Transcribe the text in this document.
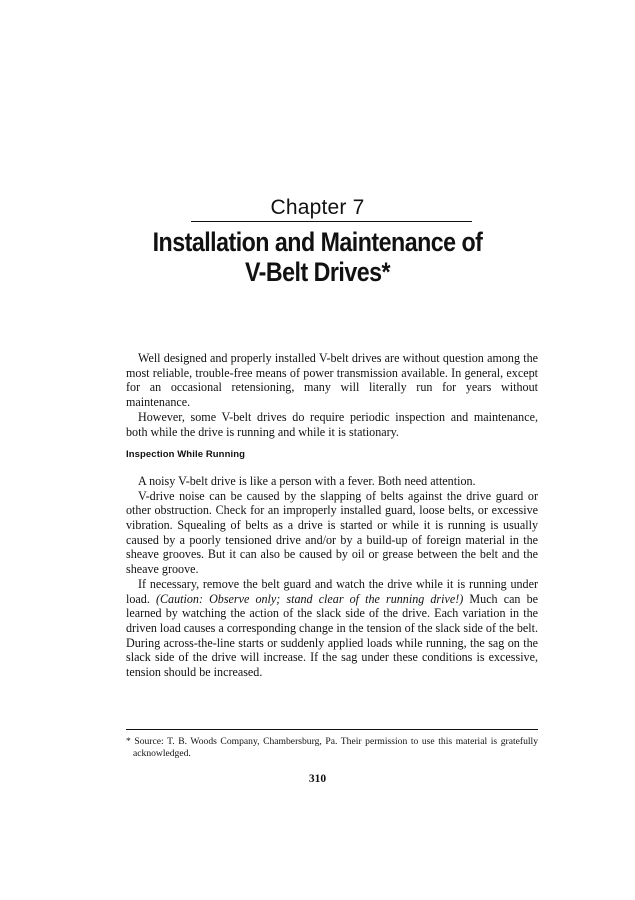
Chapter 7
Installation and Maintenance of
V-Belt Drives*

Well designed and properly installed V-belt drives are without question among the most reliable, trouble-free means of power transmission available. In general, except for an occasional retensioning, many will literally run for years without maintenance.

However, some V-belt drives do require periodic inspection and maintenance, both while the drive is running and while it is stationary.

Inspection While Running

A noisy V-belt drive is like a person with a fever. Both need attention.

V-drive noise can be caused by the slapping of belts against the drive guard or other obstruction. Check for an improperly installed guard, loose belts, or excessive vibration. Squealing of belts as a drive is started or while it is running is usually caused by a poorly tensioned drive and/or by a build-up of foreign material in the sheave grooves. But it can also be caused by oil or grease between the belt and the sheave groove.

If necessary, remove the belt guard and watch the drive while it is running under load. (Caution: Observe only; stand clear of the running drive!) Much can be learned by watching the action of the slack side of the drive. Each variation in the driven load causes a corresponding change in the tension of the slack side of the belt. During across-the-line starts or suddenly applied loads while running, the sag on the slack side of the drive will increase. If the sag under these conditions is excessive, tension should be increased.

* Source: T. B. Woods Company, Chambersburg, Pa. Their permission to use this material is gratefully acknowledged.
310
